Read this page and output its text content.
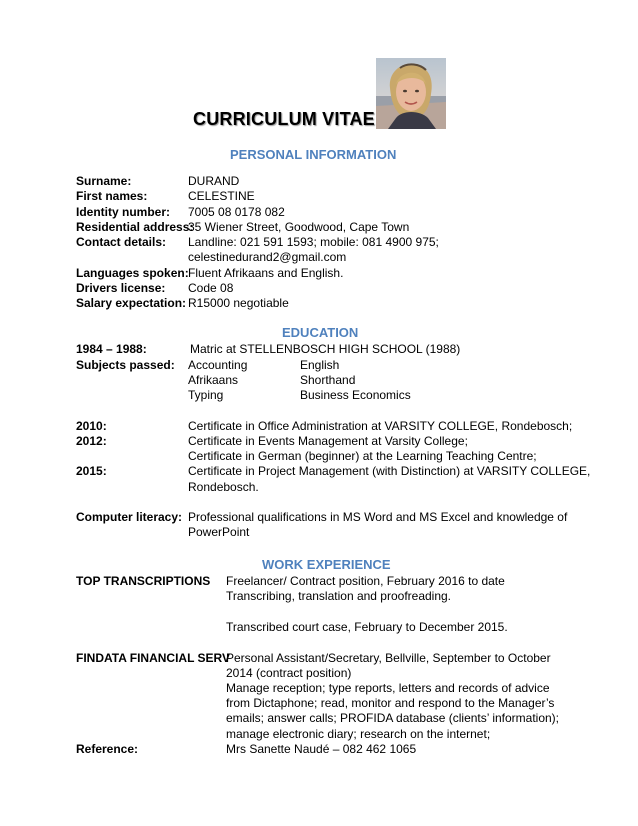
CURRICULUM VITAE
PERSONAL INFORMATION
Surname:	DURAND
First names:	CELESTINE
Identity number: 7005 08 0178 082
Residential address:
35 Wiener Street, Goodwood, Cape Town
Contact details: Landline: 021 591 1593; mobile: 081 4900 975;
celestinedurand2@gmail.com
Languages spoken: Fluent Afrikaans and English.
Drivers license: Code 08
Salary expectation: R15000 negotiable
EDUCATION
1984 – 1988:	Matric at STELLENBOSCH HIGH SCHOOL (1988)
Subjects passed: Accounting	English
Afrikaans	Shorthand
Typing	Business Economics
2010:	Certificate in Office Administration at VARSITY COLLEGE, Rondebosch;
2012:	Certificate in Events Management at Varsity College;
Certificate in German (beginner) at the Learning Teaching Centre;
2015:	Certificate in Project Management (with Distinction) at VARSITY COLLEGE,
Rondebosch.
Computer literacy: Professional qualifications in MS Word and MS Excel and knowledge of
PowerPoint
WORK EXPERIENCE
TOP TRANSCRIPTIONS Freelancer/ Contract position, February 2016 to date
Transcribing, translation and proofreading.
Transcribed court case, February to December 2015.
FINDATA FINANCIAL SERV
Personal Assistant/Secretary, Bellville, September to October
2014 (contract position)
Manage reception; type reports, letters and records of advice
from Dictaphone; read, monitor and respond to the Manager’s
emails; answer calls; PROFIDA database (clients’ information);
manage electronic diary; research on the internet;
Reference:	Mrs Sanette Naudé – 082 462 1065
